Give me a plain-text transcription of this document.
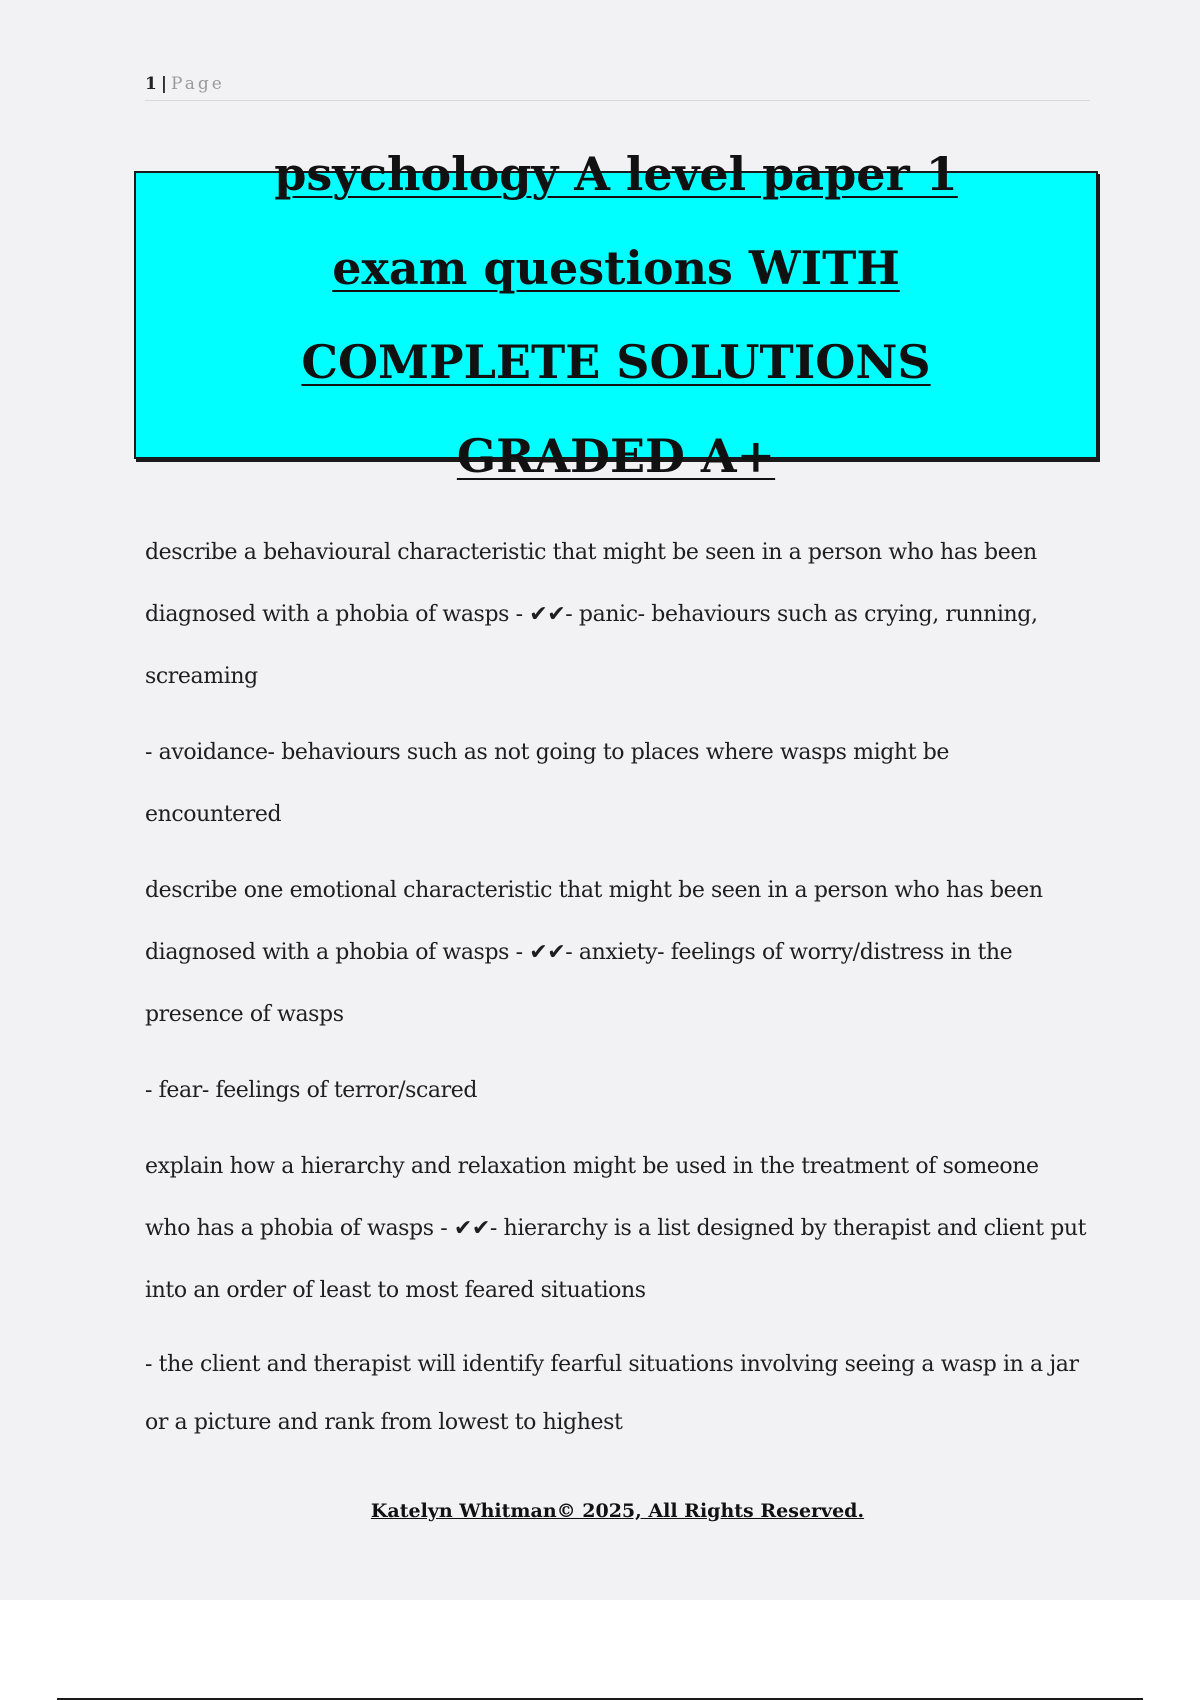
1 | Page
psychology A level paper 1 exam questions WITH COMPLETE SOLUTIONS GRADED A+

describe a behavioural characteristic that might be seen in a person who has been diagnosed with a phobia of wasps - ✔✔- panic- behaviours such as crying, running, screaming

- avoidance- behaviours such as not going to places where wasps might be encountered

describe one emotional characteristic that might be seen in a person who has been diagnosed with a phobia of wasps - ✔✔- anxiety- feelings of worry/distress in the presence of wasps

- fear- feelings of terror/scared

explain how a hierarchy and relaxation might be used in the treatment of someone who has a phobia of wasps - ✔✔- hierarchy is a list designed by therapist and client put into an order of least to most feared situations

- the client and therapist will identify fearful situations involving seeing a wasp in a jar or a picture and rank from lowest to highest

Katelyn Whitman© 2025, All Rights Reserved.
